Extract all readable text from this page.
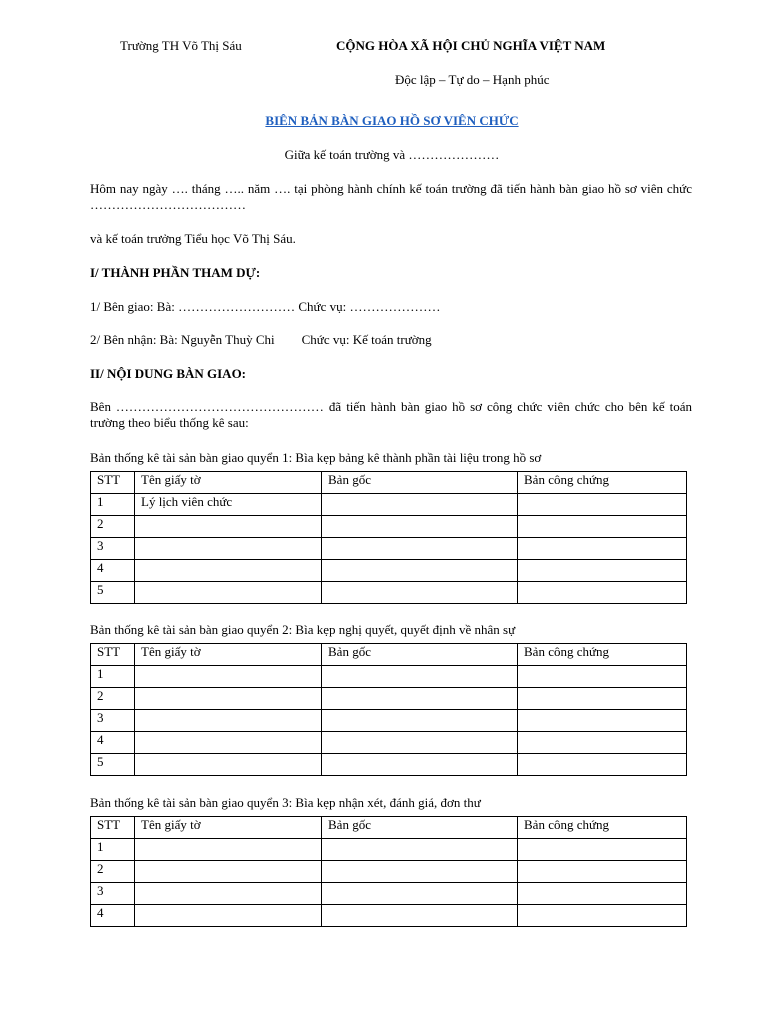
Trường TH Võ Thị Sáu	CỘNG HÒA XÃ HỘI CHỦ NGHĨA VIỆT NAM
Độc lập – Tự do – Hạnh phúc
BIÊN BẢN BÀN GIAO HỒ SƠ VIÊN CHỨC
Giữa kế toán trường và …………………
Hôm nay ngày …. tháng ….. năm …. tại phòng hành chính kế toán trường đã tiến hành bàn giao hồ sơ viên chức ………………………………
và kế toán trưởng Tiểu học Võ Thị Sáu.
I/ THÀNH PHẦN THAM DỰ:
1/ Bên giao: Bà: ……………………… Chức vụ: …………………
2/ Bên nhận: Bà: Nguyễn Thuỳ Chi Chức vụ: Kế toán trường
II/ NỘI DUNG BÀN GIAO:
Bên ………………………………………… đã tiến hành bàn giao hồ sơ công chức viên chức cho bên kế toán trường theo biểu thống kê sau:
Bản thống kê tài sản bàn giao quyển 1: Bìa kẹp bảng kê thành phần tài liệu trong hồ sơ
STT	Tên giấy tờ	Bản gốc	Bản công chứng
1	Lý lịch viên chức		
2			
3			
4			
5			
Bản thống kê tài sản bàn giao quyển 2: Bìa kẹp nghị quyết, quyết định về nhân sự
STT	Tên giấy tờ	Bản gốc	Bản công chứng
1			
2			
3			
4			
5			
Bản thống kê tài sản bàn giao quyển 3: Bìa kẹp nhận xét, đánh giá, đơn thư
STT	Tên giấy tờ	Bản gốc	Bản công chứng
1			
2			
3			
4			
